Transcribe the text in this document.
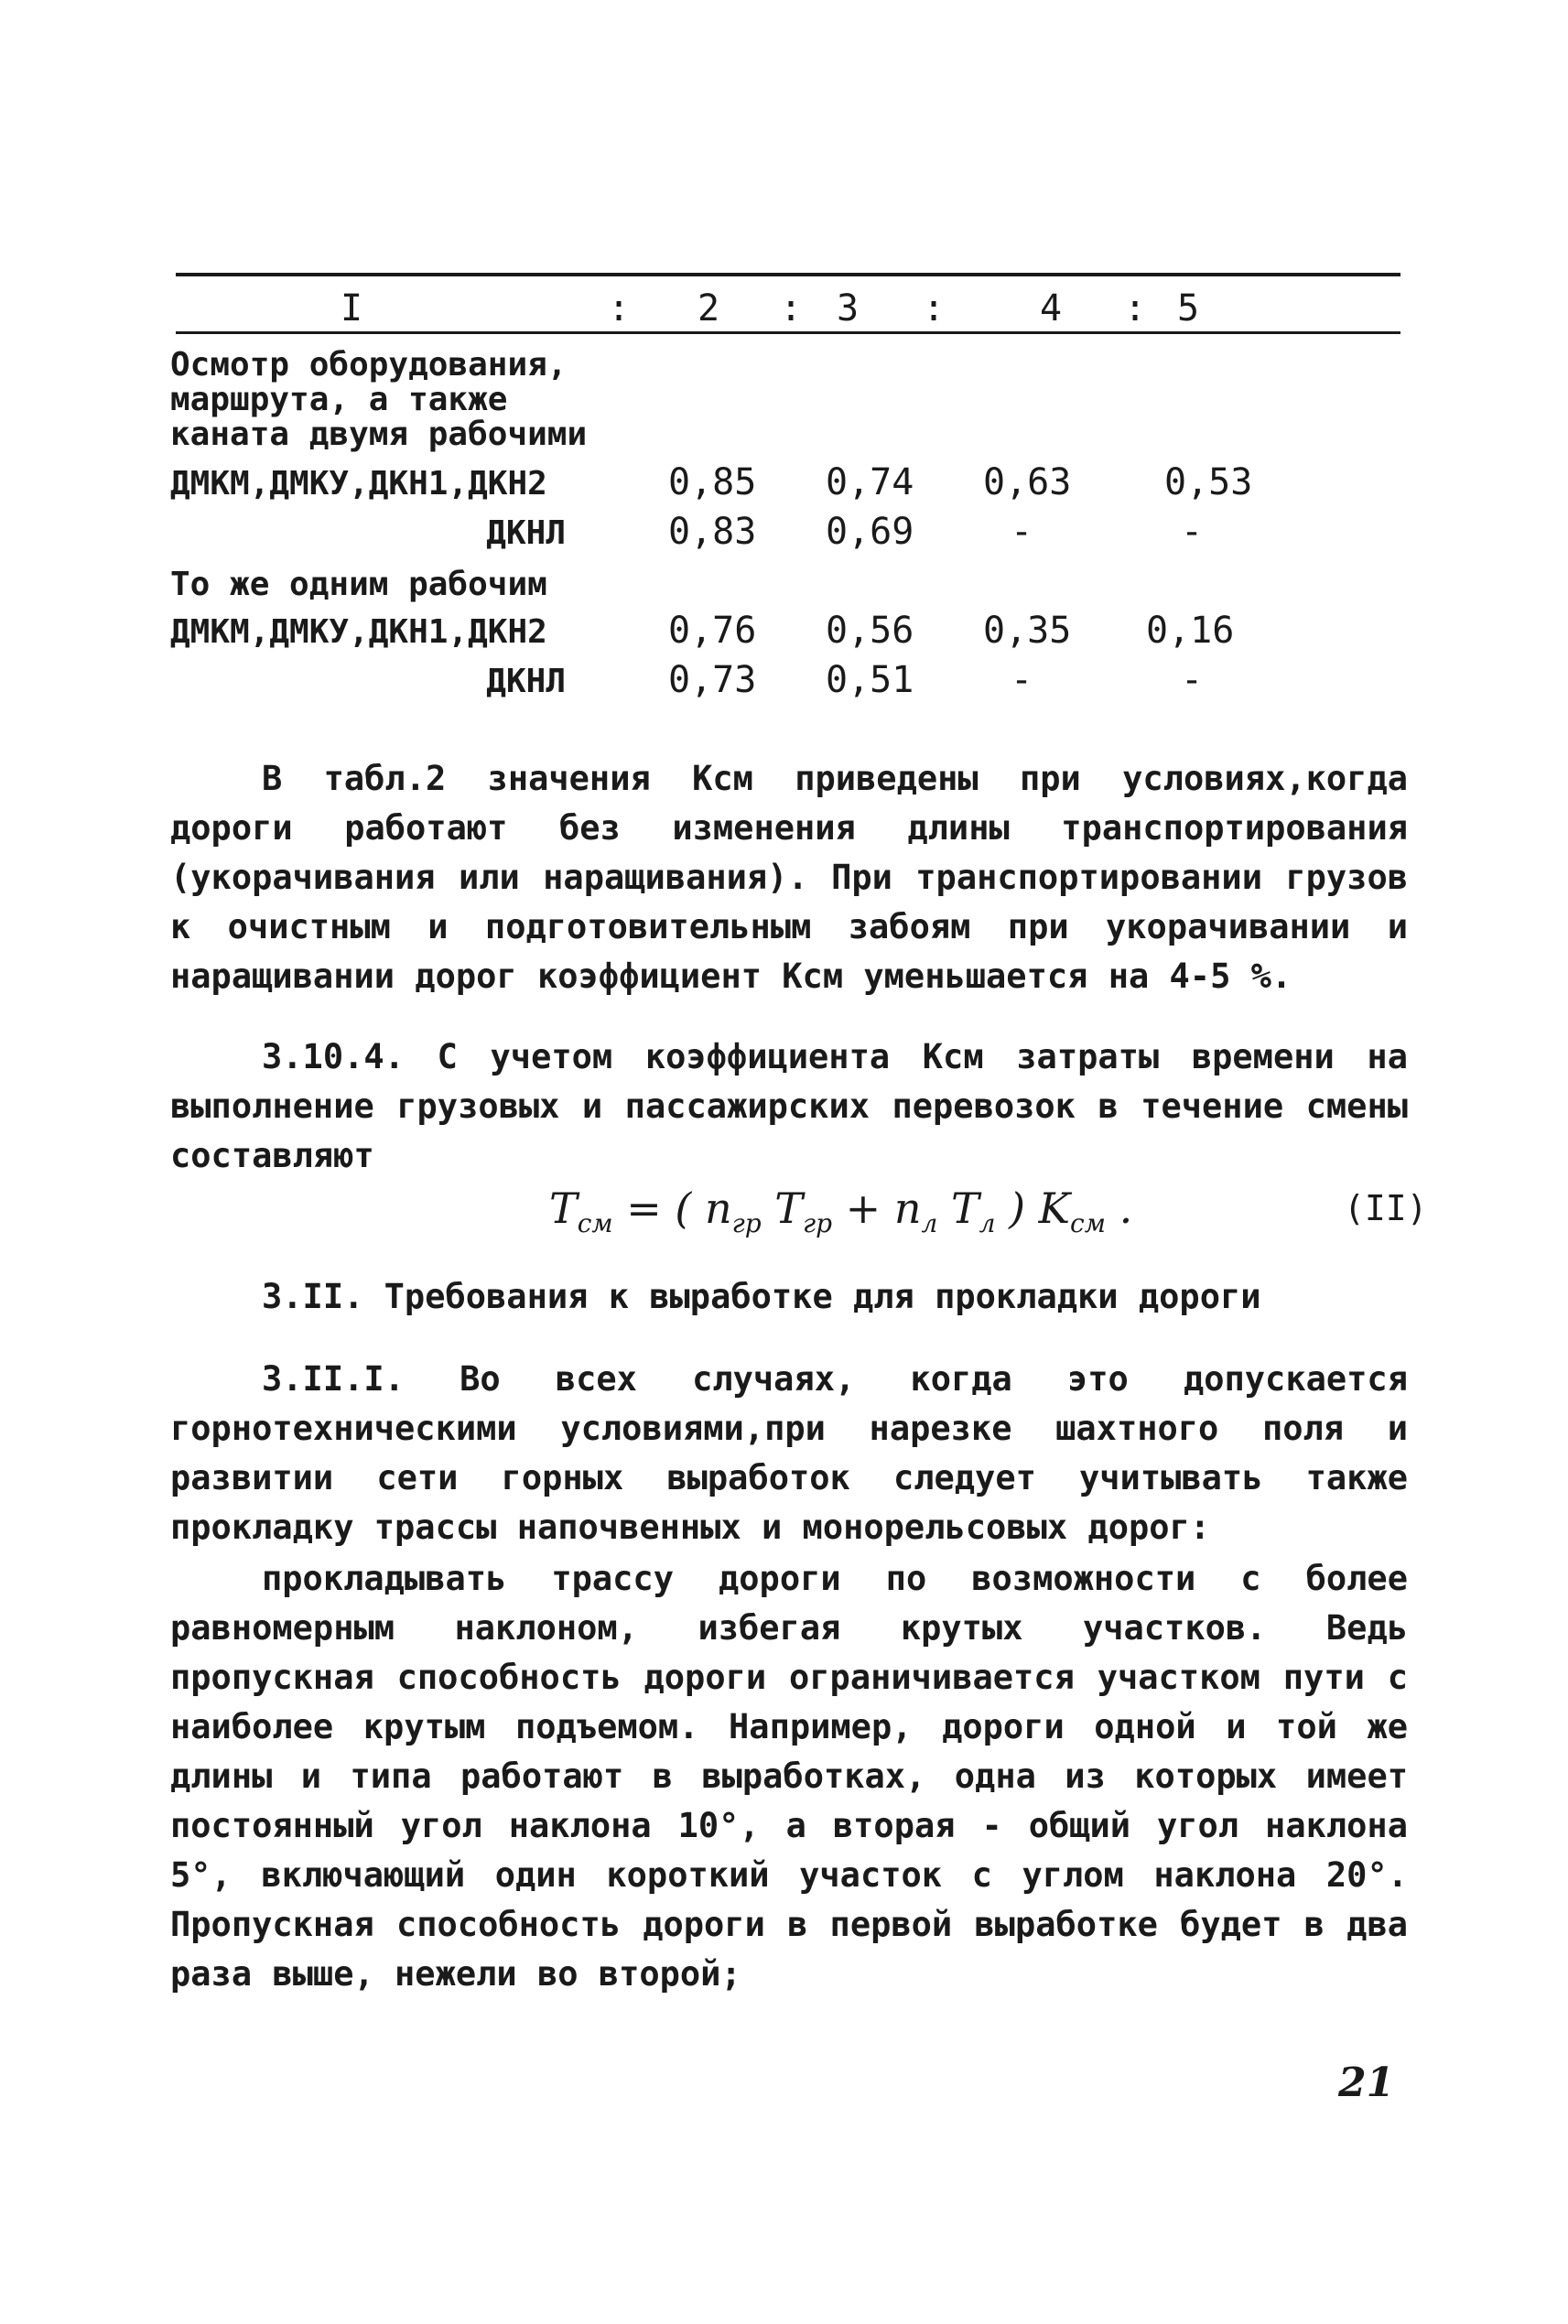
I	: 2 : 3 :	4 : 5
Осмотр оборудования,
маршрута, а также
каната двумя рабочими
ДМКМ,ДМКУ,ДКН1,ДКН2	0,85 0,74 0,63	0,53
ДКНЛ	0,83 0,69	-	-
То же одним рабочим
ДМКМ,ДМКУ,ДКН1,ДКН2	0,76 0,56 0,35 0,16
ДКНЛ	0,73 0,51	-	-
В табл.2 значения Ксм приведены при условиях,когда дороги работают без изменения длины транспортирования (укорачивания или наращивания). При транспортировании грузов к очистным и подготовительным забоям при укорачивании и наращивании дорог коэффициент Ксм уменьшается на 4-5 %.
3.10.4. С учетом коэффициента Ксм затраты времени на выполнение грузовых и пассажирских перевозок в течение смены составляют
$T_{см}$ = ( $n_{гр}$ $T_{гр} + n_л$ $T_л$ ) $K_{см}$ .	(II)
3.II. Требования к выработке для прокладки дороги
3.II.I. Во всех случаях, когда это допускается горнотехническими условиями,при нарезке шахтного поля и развитии сети горных выработок следует учитывать также прокладку трассы напочвенных и монорельсовых дорог:
прокладывать трассу дороги по возможности с более равномерным наклоном, избегая крутых участков. Ведь пропускная способность дороги ограничивается участком пути с наиболее крутым подъемом. Например, дороги одной и той же длины и типа работают в выработках, одна из которых имеет постоянный угол наклона 10°, а вторая - общий угол наклона 5°, включающий один короткий участок с углом наклона 20°. Пропускная способность дороги в первой выработке будет в два раза выше, нежели во второй;
21
